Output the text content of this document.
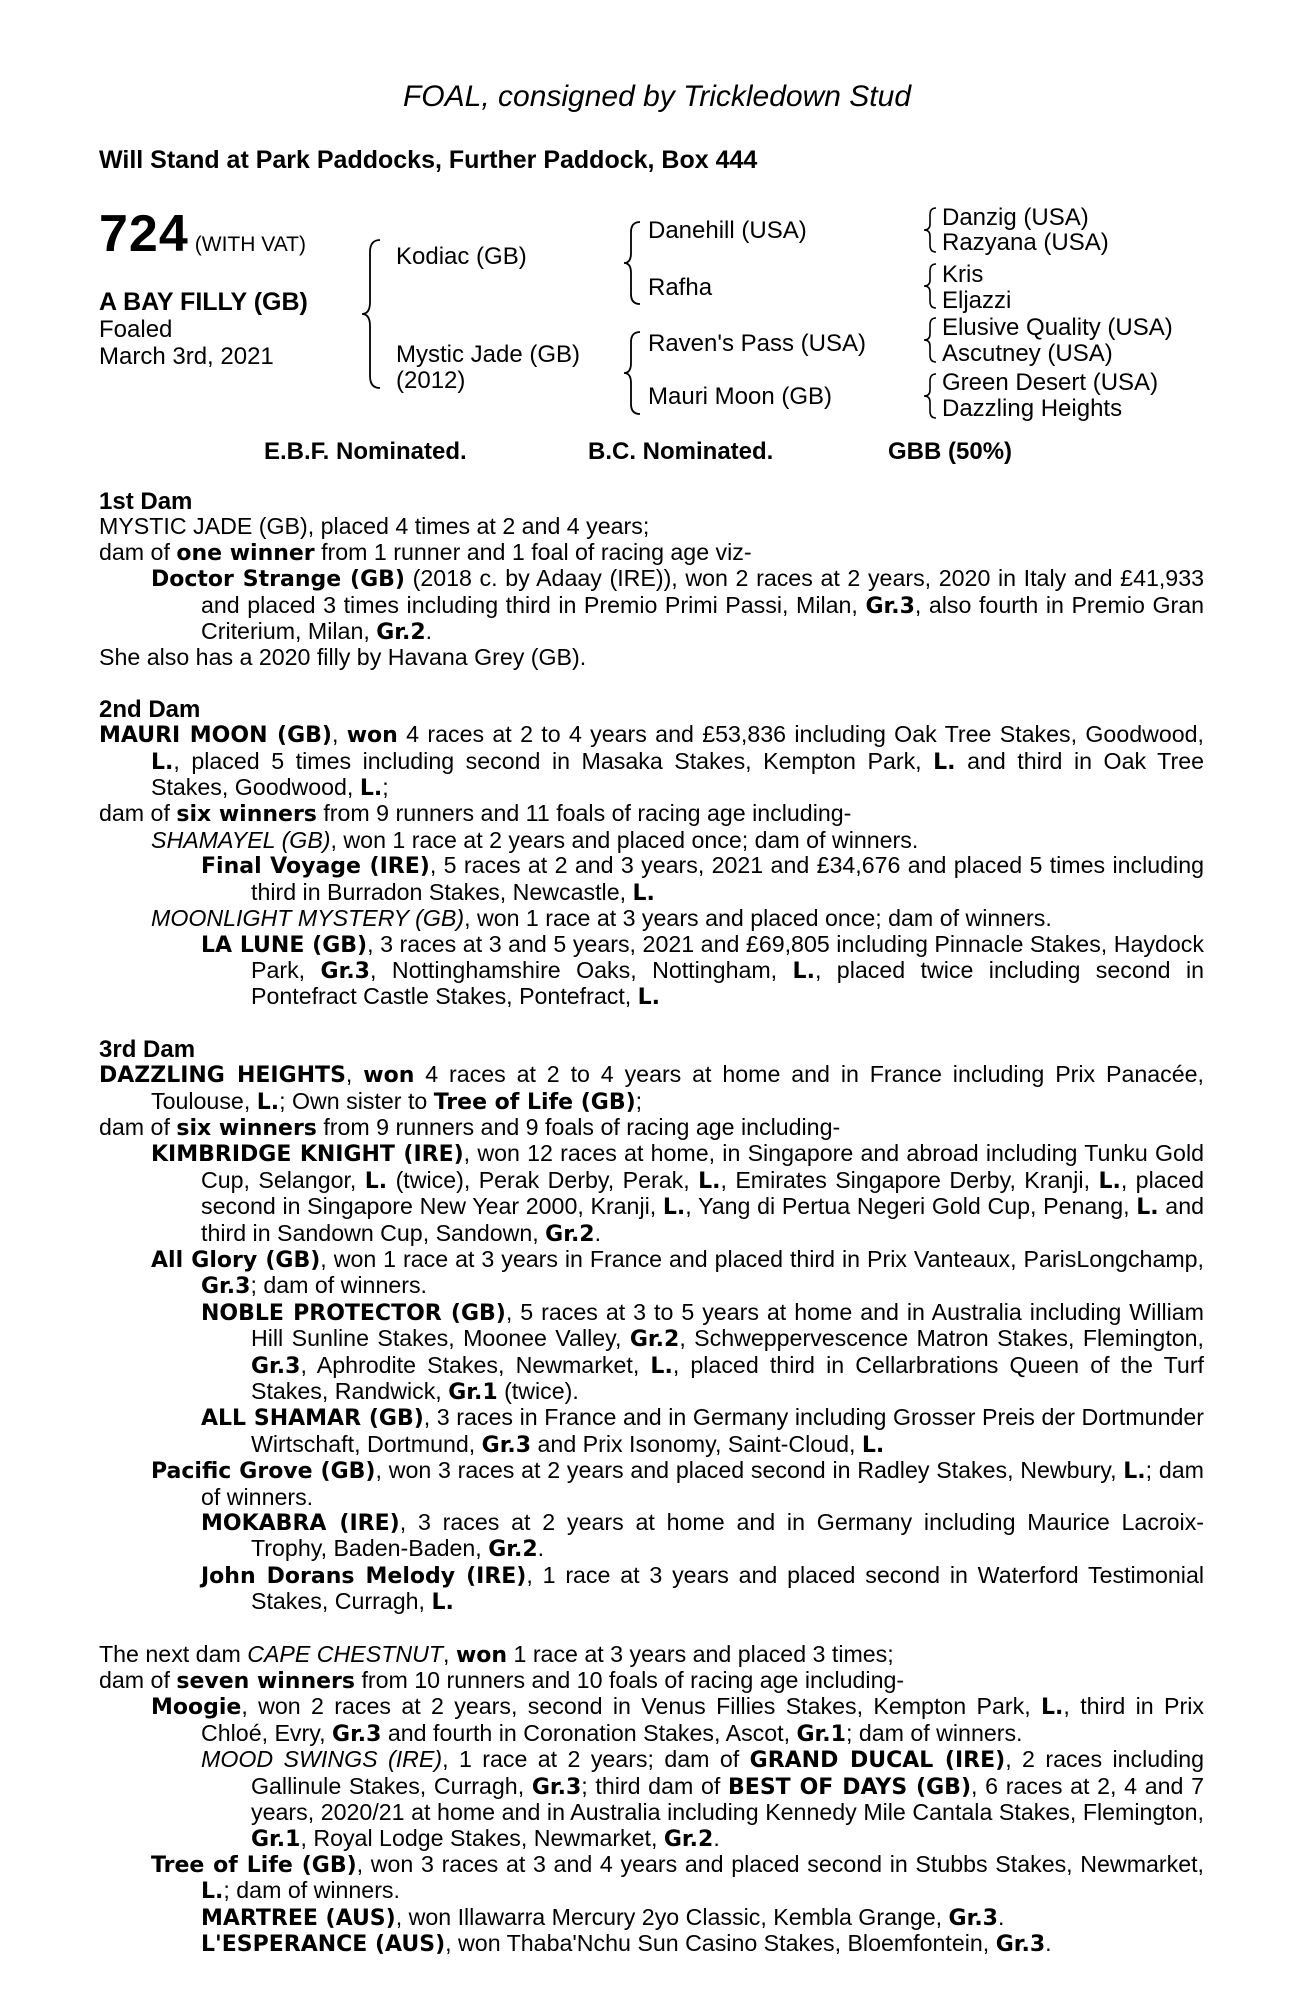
FOAL, consigned by Trickledown Stud
Will Stand at Park Paddocks, Further Paddock, Box 444
724 (WITH VAT)
A BAY FILLY (GB)
Foaled
March 3rd, 2021
Kodiac (GB)
Mystic Jade (GB)
(2012)
Danehill (USA)
Rafha
Raven's Pass (USA)
Mauri Moon (GB)
Danzig (USA)
Razyana (USA)
Kris
Eljazzi
Elusive Quality (USA)
Ascutney (USA)
Green Desert (USA)
Dazzling Heights
E.B.F. Nominated.	B.C. Nominated.	GBB (50%)
1st Dam
MYSTIC JADE (GB), placed 4 times at 2 and 4 years;
dam of one winner from 1 runner and 1 foal of racing age viz-
Doctor Strange (GB) (2018 c. by Adaay (IRE)), won 2 races at 2 years, 2020 in Italy and £41,933 and placed 3 times including third in Premio Primi Passi, Milan, Gr.3, also fourth in Premio Gran Criterium, Milan, Gr.2.
She also has a 2020 filly by Havana Grey (GB).
2nd Dam
MAURI MOON (GB), won 4 races at 2 to 4 years and £53,836 including Oak Tree Stakes, Goodwood, L., placed 5 times including second in Masaka Stakes, Kempton Park, L. and third in Oak Tree Stakes, Goodwood, L.;
dam of six winners from 9 runners and 11 foals of racing age including-
SHAMAYEL (GB), won 1 race at 2 years and placed once; dam of winners.
Final Voyage (IRE), 5 races at 2 and 3 years, 2021 and £34,676 and placed 5 times including third in Burradon Stakes, Newcastle, L.
MOONLIGHT MYSTERY (GB), won 1 race at 3 years and placed once; dam of winners.
LA LUNE (GB), 3 races at 3 and 5 years, 2021 and £69,805 including Pinnacle Stakes, Haydock Park, Gr.3, Nottinghamshire Oaks, Nottingham, L., placed twice including second in Pontefract Castle Stakes, Pontefract, L.
3rd Dam
DAZZLING HEIGHTS, won 4 races at 2 to 4 years at home and in France including Prix Panacée, Toulouse, L.; Own sister to Tree of Life (GB);
dam of six winners from 9 runners and 9 foals of racing age including-
KIMBRIDGE KNIGHT (IRE), won 12 races at home, in Singapore and abroad including Tunku Gold Cup, Selangor, L. (twice), Perak Derby, Perak, L., Emirates Singapore Derby, Kranji, L., placed second in Singapore New Year 2000, Kranji, L., Yang di Pertua Negeri Gold Cup, Penang, L. and third in Sandown Cup, Sandown, Gr.2.
All Glory (GB), won 1 race at 3 years in France and placed third in Prix Vanteaux, ParisLongchamp, Gr.3; dam of winners.
NOBLE PROTECTOR (GB), 5 races at 3 to 5 years at home and in Australia including William Hill Sunline Stakes, Moonee Valley, Gr.2, Schweppervescence Matron Stakes, Flemington, Gr.3, Aphrodite Stakes, Newmarket, L., placed third in Cellarbrations Queen of the Turf Stakes, Randwick, Gr.1 (twice).
ALL SHAMAR (GB), 3 races in France and in Germany including Grosser Preis der Dortmunder Wirtschaft, Dortmund, Gr.3 and Prix Isonomy, Saint-Cloud, L.
Pacific Grove (GB), won 3 races at 2 years and placed second in Radley Stakes, Newbury, L.; dam of winners.
MOKABRA (IRE), 3 races at 2 years at home and in Germany including Maurice Lacroix-Trophy, Baden-Baden, Gr.2.
John Dorans Melody (IRE), 1 race at 3 years and placed second in Waterford Testimonial Stakes, Curragh, L.
The next dam CAPE CHESTNUT, won 1 race at 3 years and placed 3 times;
dam of seven winners from 10 runners and 10 foals of racing age including-
Moogie, won 2 races at 2 years, second in Venus Fillies Stakes, Kempton Park, L., third in Prix Chloé, Evry, Gr.3 and fourth in Coronation Stakes, Ascot, Gr.1; dam of winners.
MOOD SWINGS (IRE), 1 race at 2 years; dam of GRAND DUCAL (IRE), 2 races including Gallinule Stakes, Curragh, Gr.3; third dam of BEST OF DAYS (GB), 6 races at 2, 4 and 7 years, 2020/21 at home and in Australia including Kennedy Mile Cantala Stakes, Flemington, Gr.1, Royal Lodge Stakes, Newmarket, Gr.2.
Tree of Life (GB), won 3 races at 3 and 4 years and placed second in Stubbs Stakes, Newmarket, L.; dam of winners.
MARTREE (AUS), won Illawarra Mercury 2yo Classic, Kembla Grange, Gr.3.
L'ESPERANCE (AUS), won Thaba'Nchu Sun Casino Stakes, Bloemfontein, Gr.3.
